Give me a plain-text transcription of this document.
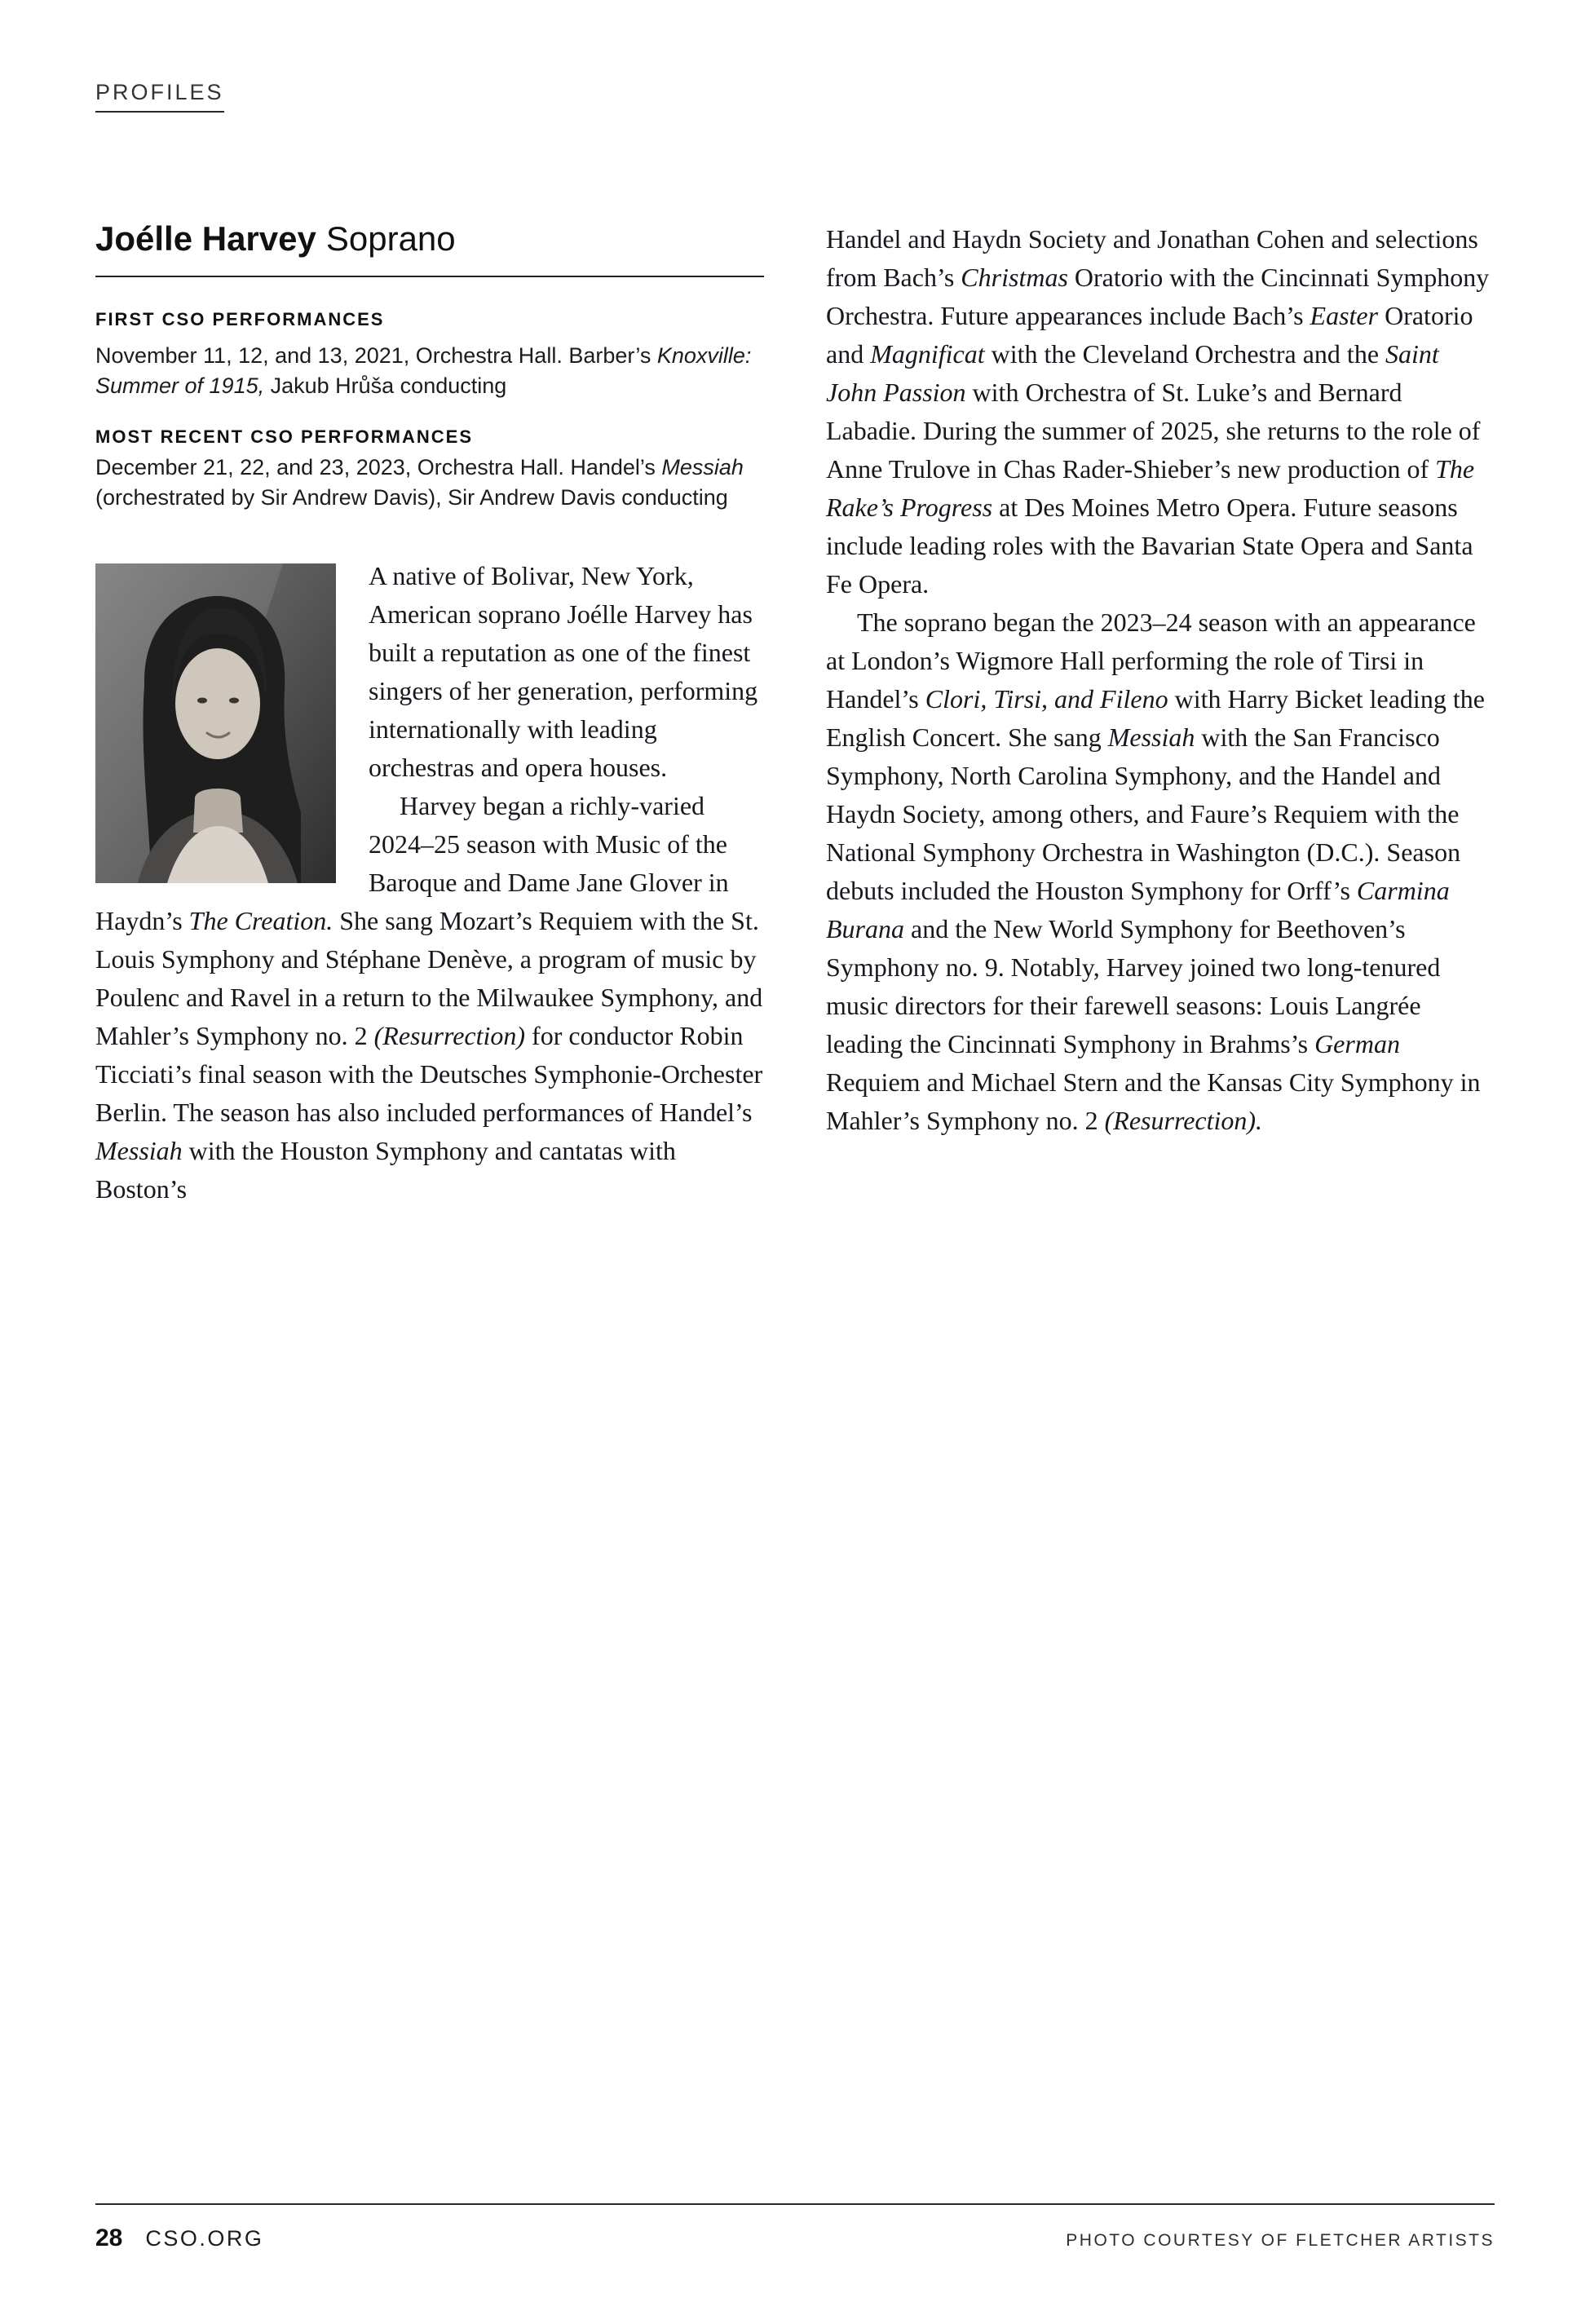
PROFILES
Joélle Harvey Soprano
FIRST CSO PERFORMANCES
November 11, 12, and 13, 2021, Orchestra Hall. Barber’s Knoxville: Summer of 1915, Jakub Hrůša conducting
MOST RECENT CSO PERFORMANCES
December 21, 22, and 23, 2023, Orchestra Hall. Handel’s Messiah (orchestrated by Sir Andrew Davis), Sir Andrew Davis conducting

A native of Bolivar, New York, American soprano Joélle Harvey has built a reputation as one of the finest singers of her generation, performing internationally with leading orchestras and opera houses.

Harvey began a richly-varied 2024–25 season with Music of the Baroque and Dame Jane Glover in Haydn’s The Creation. She sang Mozart’s Requiem with the St. Louis Symphony and Stéphane Denève, a program of music by Poulenc and Ravel in a return to the Milwaukee Symphony, and Mahler’s Symphony no. 2 (Resurrection) for conductor Robin Ticciati’s final season with the Deutsches Symphonie-Orchester Berlin. The season has also included performances of Handel’s Messiah with the Houston Symphony and cantatas with Boston’s

Handel and Haydn Society and Jonathan Cohen and selections from Bach’s Christmas Oratorio with the Cincinnati Symphony Orchestra. Future appearances include Bach’s Easter Oratorio and Magnificat with the Cleveland Orchestra and the Saint John Passion with Orchestra of St. Luke’s and Bernard Labadie. During the summer of 2025, she returns to the role of Anne Trulove in Chas Rader-Shieber’s new production of The Rake’s Progress at Des Moines Metro Opera. Future seasons include leading roles with the Bavarian State Opera and Santa Fe Opera.

The soprano began the 2023–24 season with an appearance at London’s Wigmore Hall performing the role of Tirsi in Handel’s Clori, Tirsi, and Fileno with Harry Bicket leading the English Concert. She sang Messiah with the San Francisco Symphony, North Carolina Symphony, and the Handel and Haydn Society, among others, and Faure’s Requiem with the National Symphony Orchestra in Washington (D.C.). Season debuts included the Houston Symphony for Orff’s Carmina Burana and the New World Symphony for Beethoven’s Symphony no. 9. Notably, Harvey joined two long-tenured music directors for their farewell seasons: Louis Langrée leading the Cincinnati Symphony in Brahms’s German Requiem and Michael Stern and the Kansas City Symphony in Mahler’s Symphony no. 2 (Resurrection).

28 CSO.ORG	PHOTO COURTESY OF FLETCHER ARTISTS
